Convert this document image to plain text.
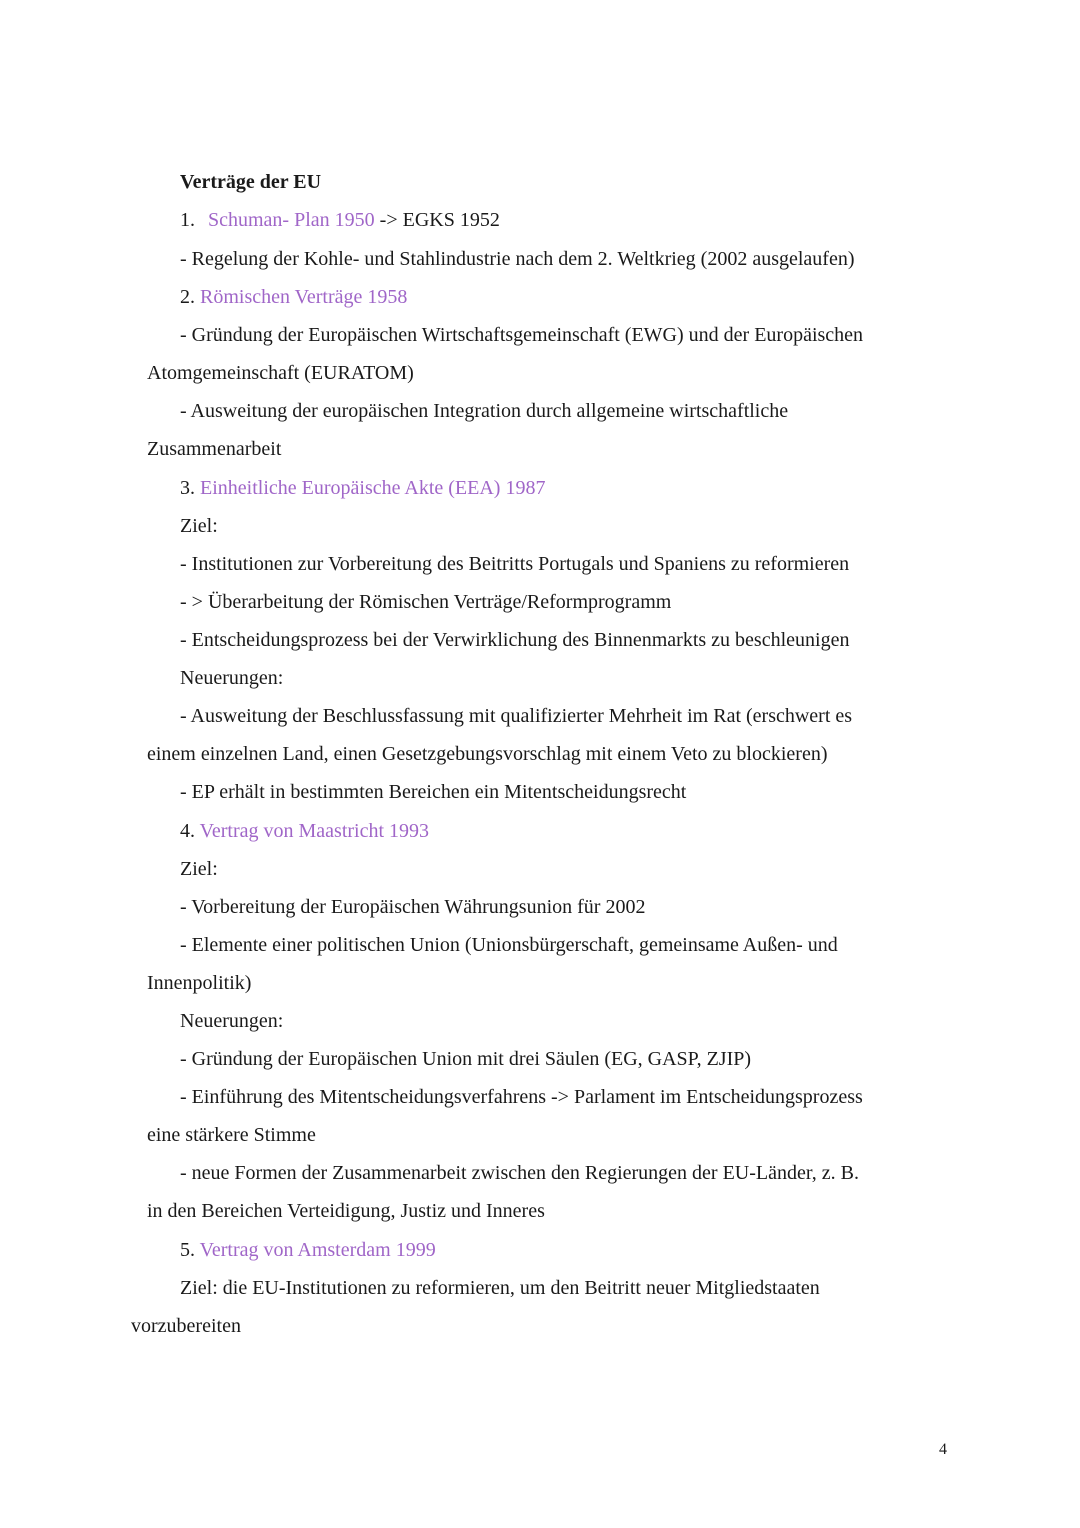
Verträge der EU
1. Schuman- Plan 1950 -> EGKS 1952
- Regelung der Kohle- und Stahlindustrie nach dem 2. Weltkrieg (2002 ausgelaufen)
2. Römischen Verträge 1958
- Gründung der Europäischen Wirtschaftsgemeinschaft (EWG) und der Europäischen
Atomgemeinschaft (EURATOM)
- Ausweitung der europäischen Integration durch allgemeine wirtschaftliche
Zusammenarbeit
3. Einheitliche Europäische Akte (EEA) 1987
Ziel:
- Institutionen zur Vorbereitung des Beitritts Portugals und Spaniens zu reformieren
- > Überarbeitung der Römischen Verträge/Reformprogramm
- Entscheidungsprozess bei der Verwirklichung des Binnenmarkts zu beschleunigen
Neuerungen:
- Ausweitung der Beschlussfassung mit qualifizierter Mehrheit im Rat (erschwert es
einem einzelnen Land, einen Gesetzgebungsvorschlag mit einem Veto zu blockieren)
- EP erhält in bestimmten Bereichen ein Mitentscheidungsrecht
4. Vertrag von Maastricht 1993
Ziel:
- Vorbereitung der Europäischen Währungsunion für 2002
- Elemente einer politischen Union (Unionsbürgerschaft, gemeinsame Außen- und
Innenpolitik)
Neuerungen:
- Gründung der Europäischen Union mit drei Säulen (EG, GASP, ZJIP)
- Einführung des Mitentscheidungsverfahrens -> Parlament im Entscheidungsprozess
eine stärkere Stimme
- neue Formen der Zusammenarbeit zwischen den Regierungen der EU-Länder, z. B.
in den Bereichen Verteidigung, Justiz und Inneres
5. Vertrag von Amsterdam 1999
Ziel: die EU-Institutionen zu reformieren, um den Beitritt neuer Mitgliedstaaten
vorzubereiten
4
